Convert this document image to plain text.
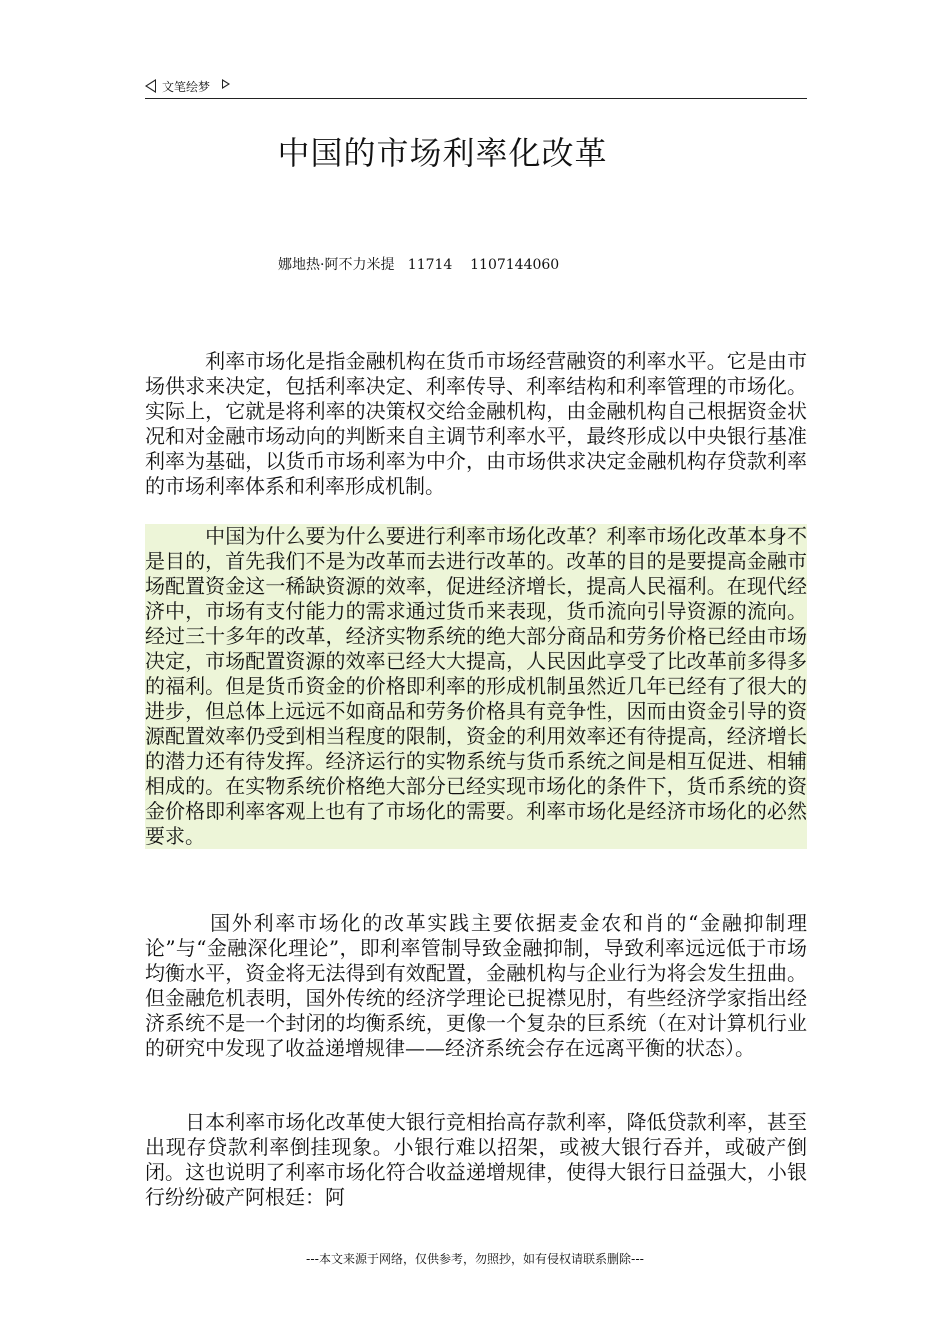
文笔绘梦
中国的市场利率化改革
娜地热·阿不力米提   11714    1107144060

　　　利率市场化是指金融机构在货币市场经营融资的利率水平。它是由市场供求来决定，包括利率决定、利率传导、利率结构和利率管理的市场化。实际上，它就是将利率的决策权交给金融机构，由金融机构自己根据资金状况和对金融市场动向的判断来自主调节利率水平，最终形成以中央银行基准利率为基础，以货币市场利率为中介，由市场供求决定金融机构存贷款利率的市场利率体系和利率形成机制。

　　　中国为什么要为什么要进行利率市场化改革？利率市场化改革本身不是目的，首先我们不是为改革而去进行改革的。改革的目的是要提高金融市场配置资金这一稀缺资源的效率，促进经济增长，提高人民福利。在现代经济中，市场有支付能力的需求通过货币来表现，货币流向引导资源的流向。经过三十多年的改革，经济实物系统的绝大部分商品和劳务价格已经由市场决定，市场配置资源的效率已经大大提高，人民因此享受了比改革前多得多的福利。但是货币资金的价格即利率的形成机制虽然近几年已经有了很大的进步，但总体上远远不如商品和劳务价格具有竞争性，因而由资金引导的资源配置效率仍受到相当程度的限制，资金的利用效率还有待提高，经济增长的潜力还有待发挥。经济运行的实物系统与货币系统之间是相互促进、相辅相成的。在实物系统价格绝大部分已经实现市场化的条件下，货币系统的资金价格即利率客观上也有了市场化的需要。利率市场化是经济市场化的必然要求。

　　　国外利率市场化的改革实践主要依据麦金农和肖的“金融抑制理论”与“金融深化理论”，即利率管制导致金融抑制，导致利率远远低于市场均衡水平，资金将无法得到有效配置，金融机构与企业行为将会发生扭曲。但金融危机表明，国外传统的经济学理论已捉襟见肘，有些经济学家指出经济系统不是一个封闭的均衡系统，更像一个复杂的巨系统（在对计算机行业的研究中发现了收益递增规律——经济系统会存在远离平衡的状态）。

　　日本利率市场化改革使大银行竞相抬高存款利率，降低贷款利率，甚至出现存贷款利率倒挂现象。小银行难以招架，或被大银行吞并，或破产倒闭。这也说明了利率市场化符合收益递增规律，使得大银行日益强大，小银行纷纷破产阿根廷：阿

---本文来源于网络，仅供参考，勿照抄，如有侵权请联系删除---
